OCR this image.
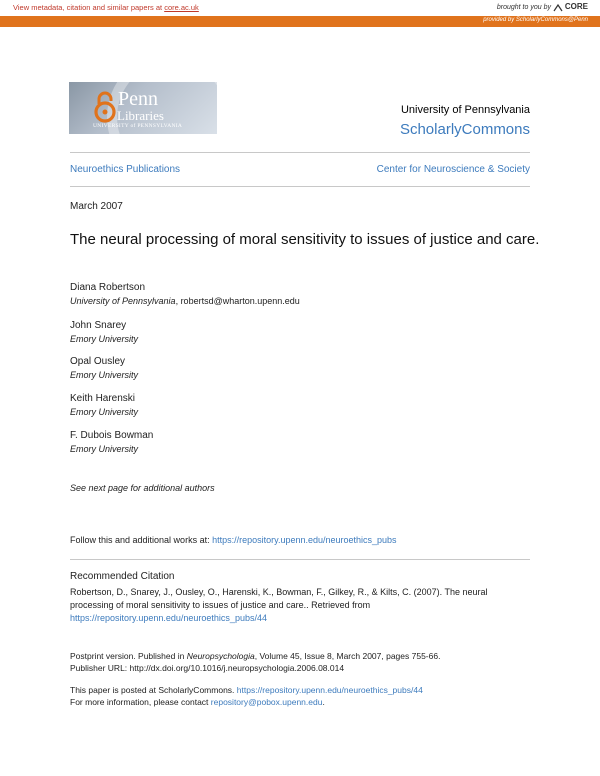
View metadata, citation and similar papers at core.ac.uk	brought to you by CORE
provided by ScholarlyCommons@Penn
Penn
Libraries
UNIVERSITY of PENNSYLVANIA
University of Pennsylvania
ScholarlyCommons
Neuroethics Publications	Center for Neuroscience & Society
March 2007
The neural processing of moral sensitivity to issues of justice and care.
Diana Robertson
University of Pennsylvania, robertsd@wharton.upenn.edu
John Snarey
Emory University
Opal Ousley
Emory University
Keith Harenski
Emory University
F. Dubois Bowman
Emory University
See next page for additional authors
Follow this and additional works at: https://repository.upenn.edu/neuroethics_pubs
Recommended Citation
Robertson, D., Snarey, J., Ousley, O., Harenski, K., Bowman, F., Gilkey, R., & Kilts, C. (2007). The neural processing of moral sensitivity to issues of justice and care.. Retrieved from https://repository.upenn.edu/neuroethics_pubs/44
Postprint version. Published in Neuropsychologia, Volume 45, Issue 8, March 2007, pages 755-66.
Publisher URL: http://dx.doi.org/10.1016/j.neuropsychologia.2006.08.014
This paper is posted at ScholarlyCommons. https://repository.upenn.edu/neuroethics_pubs/44
For more information, please contact repository@pobox.upenn.edu.
